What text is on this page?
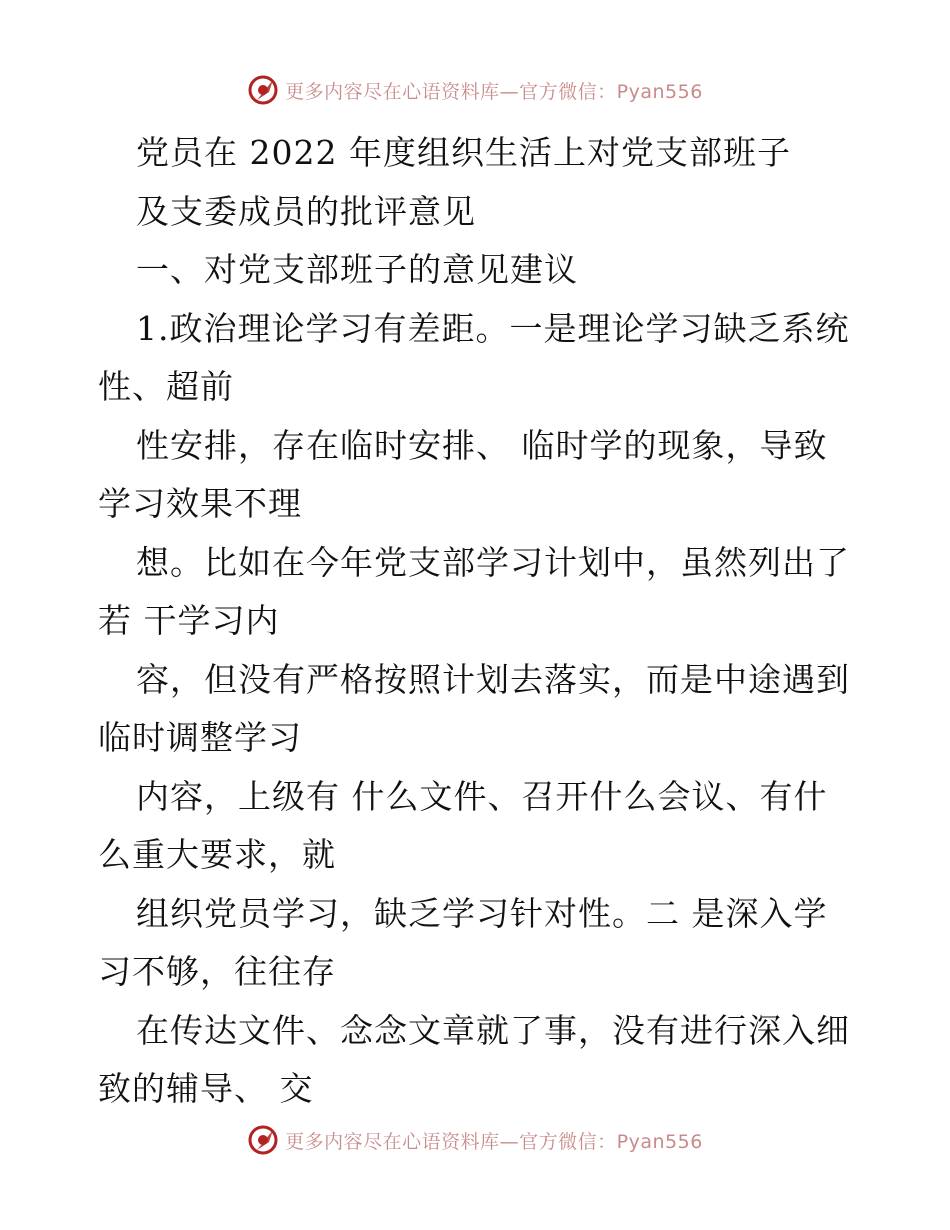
更多内容尽在心语资料库—官方微信：Pyan556
党员在 2022 年度组织生活上对党支部班子
及支委成员的批评意见
一、对党支部班子的意见建议
1.政治理论学习有差距。一是理论学习缺乏系统
性、超前
性安排，存在临时安排、 临时学的现象，导致
学习效果不理
想。比如在今年党支部学习计划中，虽然列出了
若 干学习内
容，但没有严格按照计划去落实，而是中途遇到
临时调整学习
内容，上级有 什么文件、召开什么会议、有什
么重大要求，就
组织党员学习，缺乏学习针对性。二 是深入学
习不够，往往存
在传达文件、念念文章就了事，没有进行深入细
致的辅导、 交
更多内容尽在心语资料库—官方微信：Pyan556
